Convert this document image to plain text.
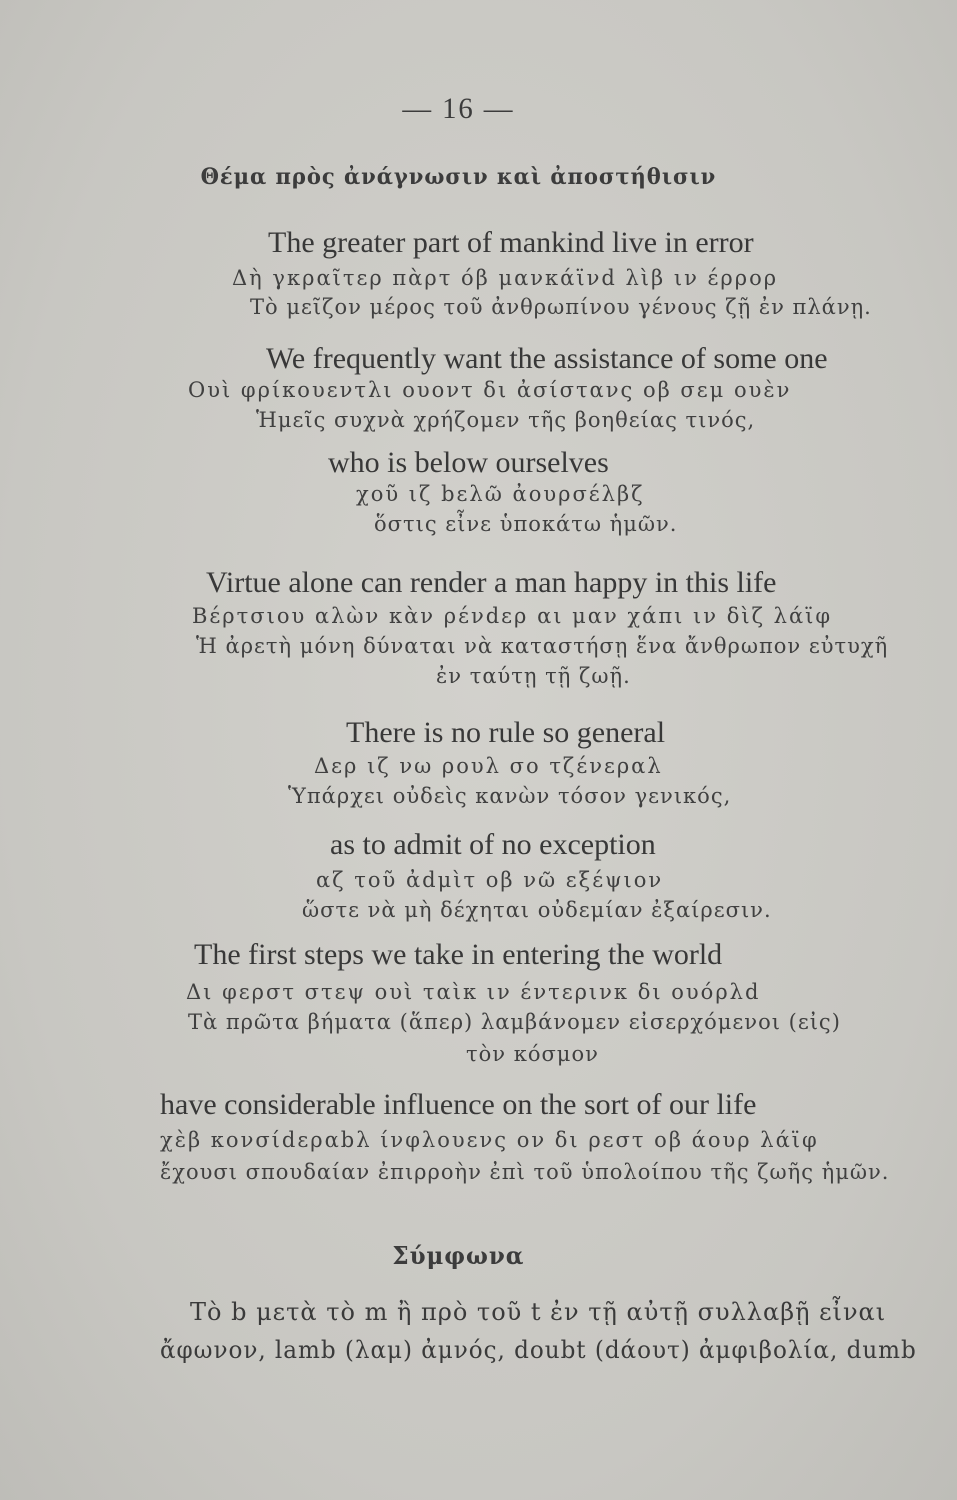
— 16 —
Θέμα πρὸς ἀνάγνωσιν καὶ ἀποστήθισιν
The greater part of mankind live in error
Δὴ γκραῖτερ πὰρτ όβ μανκάϊνd λὶβ ιν έρρορ
Τὸ μεῖζον μέρος τοῦ ἀνθρωπίνου γένους ζῇ ἐν πλάνῃ.
We frequently want the assistance of some one
Ουὶ φρίκουεντλι ουοντ δι ἀσίστανς οβ σεμ ουὲν
Ἡμεῖς συχνὰ χρήζομεν τῆς βοηθείας τινός,
who is below ourselves
χοῦ ιζ bελῶ ἀουρσέλβζ
ὅστις εἶνε ὑποκάτω ἡμῶν.
Virtue alone can render a man happy in this life
Βέρτσιου αλὼν κὰν ρένdερ αι μαν χάπι ιν δὶζ λάϊφ
Ἡ ἀρετὴ μόνη δύναται νὰ καταστήσῃ ἕνα ἄνθρωπον εὐτυχῆ
ἐν ταύτῃ τῇ ζωῇ.
There is no rule so general
Δερ ιζ νω ρουλ σο τζένεραλ
Ὑπάρχει οὐδεὶς κανὼν τόσον γενικός,
as to admit of no exception
αζ τοῦ ἀdμὶτ οβ νῶ εξέψιον
ὥστε νὰ μὴ δέχηται οὐδεμίαν ἐξαίρεσιν.
The first steps we take in entering the world
Δι φερστ στεψ ουὶ ταὶκ ιν έντερινκ δι ουόρλd
Τὰ πρῶτα βήματα (ἅπερ) λαμβάνομεν εἰσερχόμενοι (εἰς)
τὸν κόσμον
have considerable influence on the sort of our life
χὲβ κονσίdεραbλ ίνφλουενς ον δι ρεστ οβ άουρ λάϊφ
ἔχουσι σπουδαίαν ἐπιρροὴν ἐπὶ τοῦ ὑπολοίπου τῆς ζωῆς ἡμῶν.
Σύμφωνα
Τὸ b μετὰ τὸ m ἢ πρὸ τοῦ t ἐν τῇ αὐτῇ συλλαβῇ εἶναι
ἄφωνον, lamb (λαμ) ἀμνός, doubt (dάουτ) ἀμφιβολία, dumb
